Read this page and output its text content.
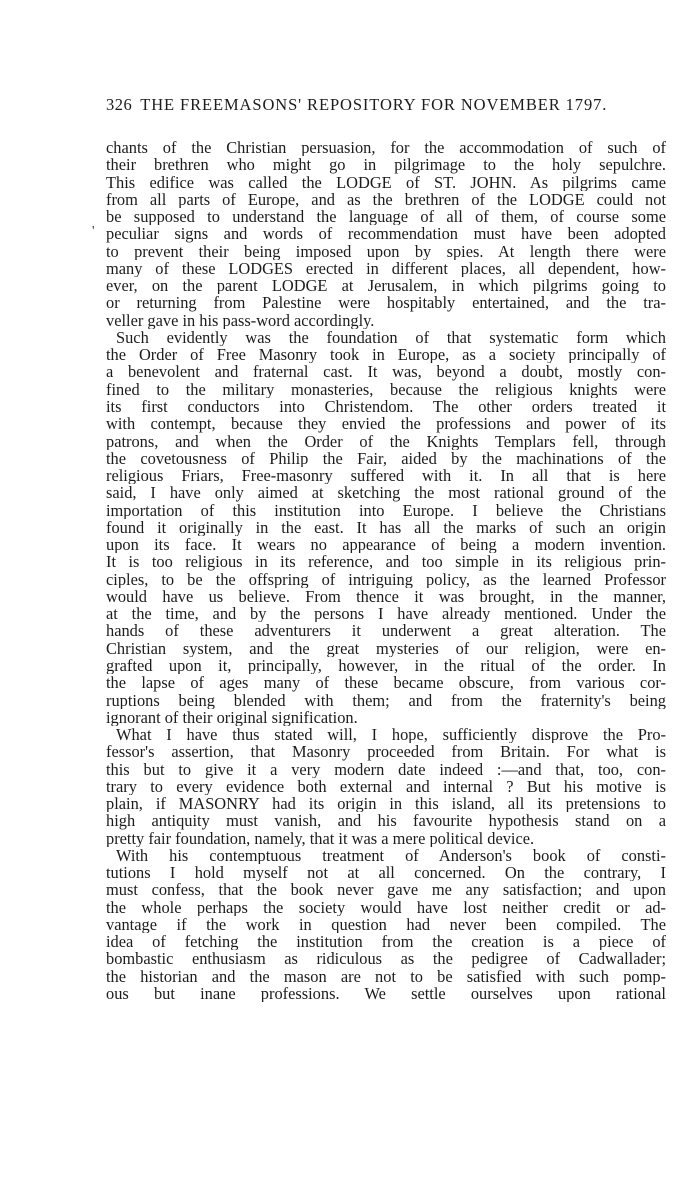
326 THE FREEMASONS' REPOSITORY FOR NOVEMBER 1797.
chants of the Christian persuasion, for the accommodation of such of
their brethren who might go in pilgrimage to the holy sepulchre.
This edifice was called the LODGE of ST. JOHN. As pilgrims came
from all parts of Europe, and as the brethren of the LODGE could not
be supposed to understand the language of all of them, of course some
peculiar signs and words of recommendation must have been adopted
to prevent their being imposed upon by spies. At length there were
many of these LODGES erected in different places, all dependent, how-
ever, on the parent LODGE at Jerusalem, in which pilgrims going to
or returning from Palestine were hospitably entertained, and the tra-
veller gave in his pass-word accordingly.
Such evidently was the foundation of that systematic form which
the Order of Free Masonry took in Europe, as a society principally of
a benevolent and fraternal cast. It was, beyond a doubt, mostly con-
fined to the military monasteries, because the religious knights were
its first conductors into Christendom. The other orders treated it
with contempt, because they envied the professions and power of its
patrons, and when the Order of the Knights Templars fell, through
the covetousness of Philip the Fair, aided by the machinations of the
religious Friars, Free-masonry suffered with it. In all that is here
said, I have only aimed at sketching the most rational ground of the
importation of this institution into Europe. I believe the Christians
found it originally in the east. It has all the marks of such an origin
upon its face. It wears no appearance of being a modern invention.
It is too religious in its reference, and too simple in its religious prin-
ciples, to be the offspring of intriguing policy, as the learned Professor
would have us believe. From thence it was brought, in the manner,
at the time, and by the persons I have already mentioned. Under the
hands of these adventurers it underwent a great alteration. The
Christian system, and the great mysteries of our religion, were en-
grafted upon it, principally, however, in the ritual of the order. In
the lapse of ages many of these became obscure, from various cor-
ruptions being blended with them; and from the fraternity's being
ignorant of their original signification.
What I have thus stated will, I hope, sufficiently disprove the Pro-
fessor's assertion, that Masonry proceeded from Britain. For what is
this but to give it a very modern date indeed :—and that, too, con-
trary to every evidence both external and internal ? But his motive is
plain, if MASONRY had its origin in this island, all its pretensions to
high antiquity must vanish, and his favourite hypothesis stand on a
pretty fair foundation, namely, that it was a mere political device.
With his contemptuous treatment of Anderson's book of consti-
tutions I hold myself not at all concerned. On the contrary, I
must confess, that the book never gave me any satisfaction; and upon
the whole perhaps the society would have lost neither credit or ad-
vantage if the work in question had never been compiled. The
idea of fetching the institution from the creation is a piece of
bombastic enthusiasm as ridiculous as the pedigree of Cadwallader;
the historian and the mason are not to be satisfied with such pomp-
ous but inane professions. We settle ourselves upon rational
'
